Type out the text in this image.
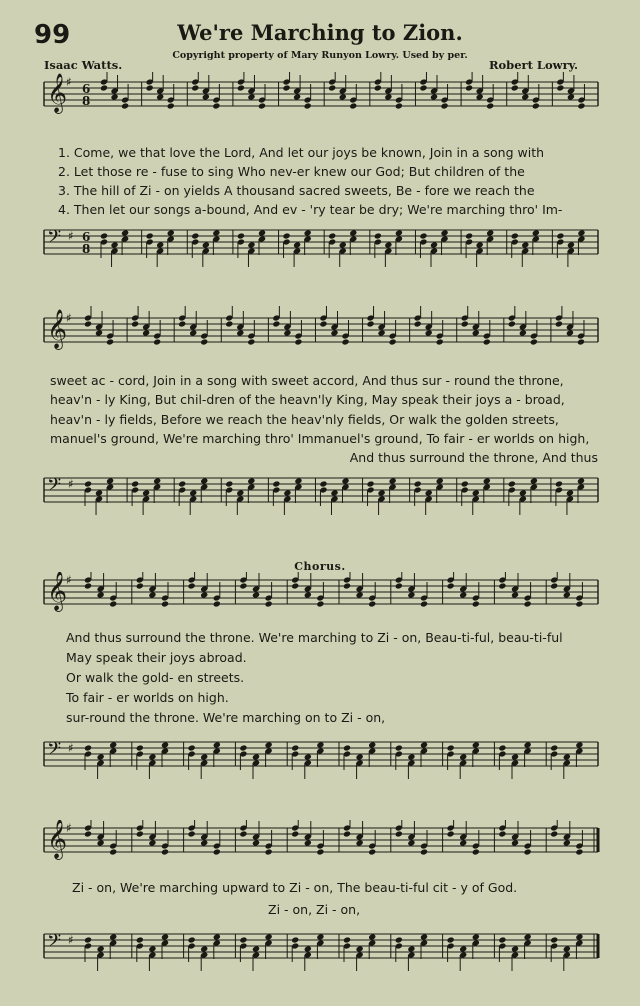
99	We're Marching to Zion.
Copyright property of Mary Runyon Lowry. Used by per.
Isaac Watts.	Robert Lowry.
𝄞
♯ 6
8
1. Come, we that love the Lord, And let our joys be known, Join in a song with
2. Let those re - fuse to sing Who nev-er knew our God; But children of the
3. The hill of Zi - on yields A thousand sacred sweets, Be - fore we reach the
4. Then let our songs a-bound, And ev - 'ry tear be dry; We're marching thro' Im-
𝄢 ♯ 6
8
𝄞
♯
sweet ac - cord, Join in a song with sweet accord, And thus sur - round the throne,
heav'n - ly King, But chil-dren of the heavn'ly King, May speak their joys a - broad,
heav'n - ly fields, Before we reach the heav'nly fields, Or walk the golden streets,
manuel's ground, We're marching thro' Immanuel's ground, To fair - er worlds on high,
And thus surround the throne, And thus
𝄢 ♯
Chorus.
𝄞
♯
And thus surround the throne. We're marching to Zi - on, Beau-ti-ful, beau-ti-ful
May speak their joys abroad.
Or walk the gold- en streets.
To fair - er worlds on high.
sur-round the throne. We're marching on to Zi - on,
𝄢 ♯
𝄞
♯
Zi - on, We're marching upward to Zi - on, The beau-ti-ful cit - y of God.
Zi - on, Zi - on,
𝄢 ♯
